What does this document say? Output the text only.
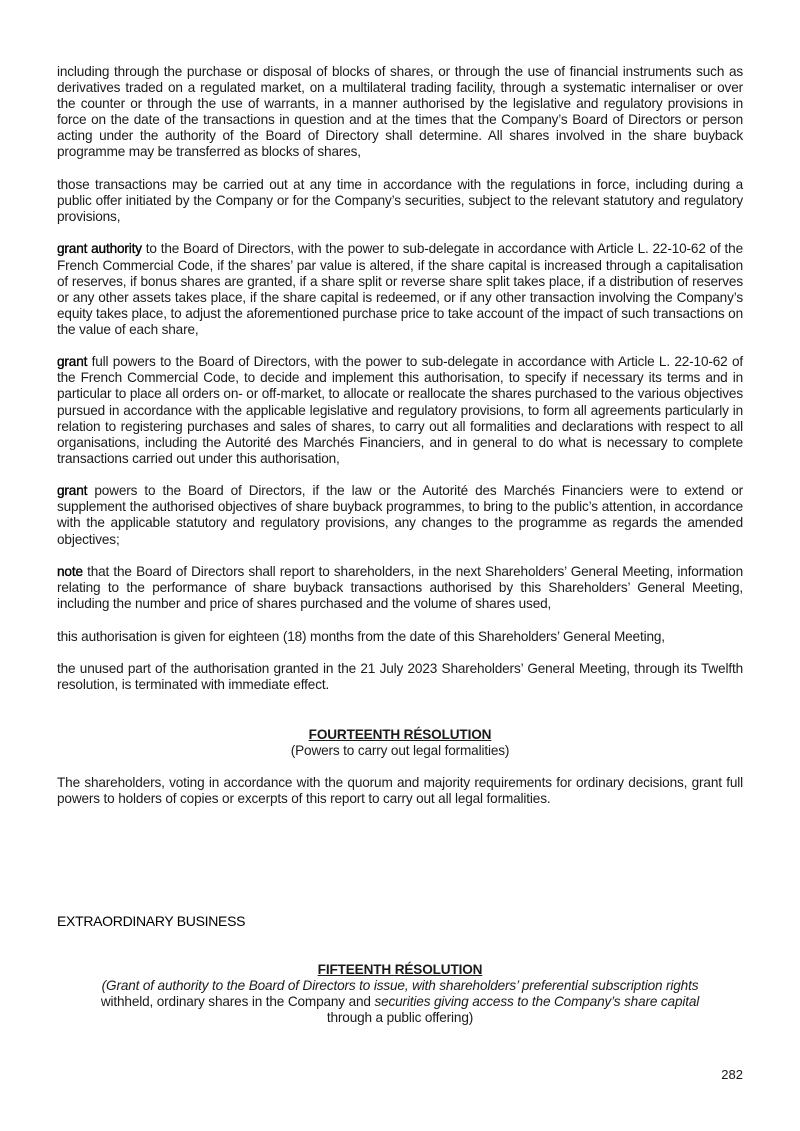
including through the purchase or disposal of blocks of shares, or through the use of financial instruments such as derivatives traded on a regulated market, on a multilateral trading facility, through a systematic internaliser or over the counter or through the use of warrants, in a manner authorised by the legislative and regulatory provisions in force on the date of the transactions in question and at the times that the Company’s Board of Directors or person acting under the authority of the Board of Directory shall determine. All shares involved in the share buyback programme may be transferred as blocks of shares,

those transactions may be carried out at any time in accordance with the regulations in force, including during a public offer initiated by the Company or for the Company’s securities, subject to the relevant statutory and regulatory provisions,

grant authority to the Board of Directors, with the power to sub-delegate in accordance with Article L. 22-10-62 of the French Commercial Code, if the shares’ par value is altered, if the share capital is increased through a capitalisation of reserves, if bonus shares are granted, if a share split or reverse share split takes place, if a distribution of reserves or any other assets takes place, if the share capital is redeemed, or if any other transaction involving the Company’s equity takes place, to adjust the aforementioned purchase price to take account of the impact of such transactions on the value of each share,

grant full powers to the Board of Directors, with the power to sub-delegate in accordance with Article L. 22-10-62 of the French Commercial Code, to decide and implement this authorisation, to specify if necessary its terms and in particular to place all orders on- or off-market, to allocate or reallocate the shares purchased to the various objectives pursued in accordance with the applicable legislative and regulatory provisions, to form all agreements particularly in relation to registering purchases and sales of shares, to carry out all formalities and declarations with respect to all organisations, including the Autorité des Marchés Financiers, and in general to do what is necessary to complete transactions carried out under this authorisation,

grant powers to the Board of Directors, if the law or the Autorité des Marchés Financiers were to extend or supplement the authorised objectives of share buyback programmes, to bring to the public’s attention, in accordance with the applicable statutory and regulatory provisions, any changes to the programme as regards the amended objectives;

note that the Board of Directors shall report to shareholders, in the next Shareholders’ General Meeting, information relating to the performance of share buyback transactions authorised by this Shareholders’ General Meeting, including the number and price of shares purchased and the volume of shares used,

this authorisation is given for eighteen (18) months from the date of this Shareholders’ General Meeting,

the unused part of the authorisation granted in the 21 July 2023 Shareholders’ General Meeting, through its Twelfth resolution, is terminated with immediate effect.

FOURTEENTH RÉSOLUTION

(Powers to carry out legal formalities)

The shareholders, voting in accordance with the quorum and majority requirements for ordinary decisions, grant full powers to holders of copies or excerpts of this report to carry out all legal formalities.

EXTRAORDINARY BUSINESS

FIFTEENTH RÉSOLUTION

(Grant of authority to the Board of Directors to issue, with shareholders’ preferential subscription rights
withheld, ordinary shares in the Company and securities giving access to the Company’s share capital
through a public offering)

282
